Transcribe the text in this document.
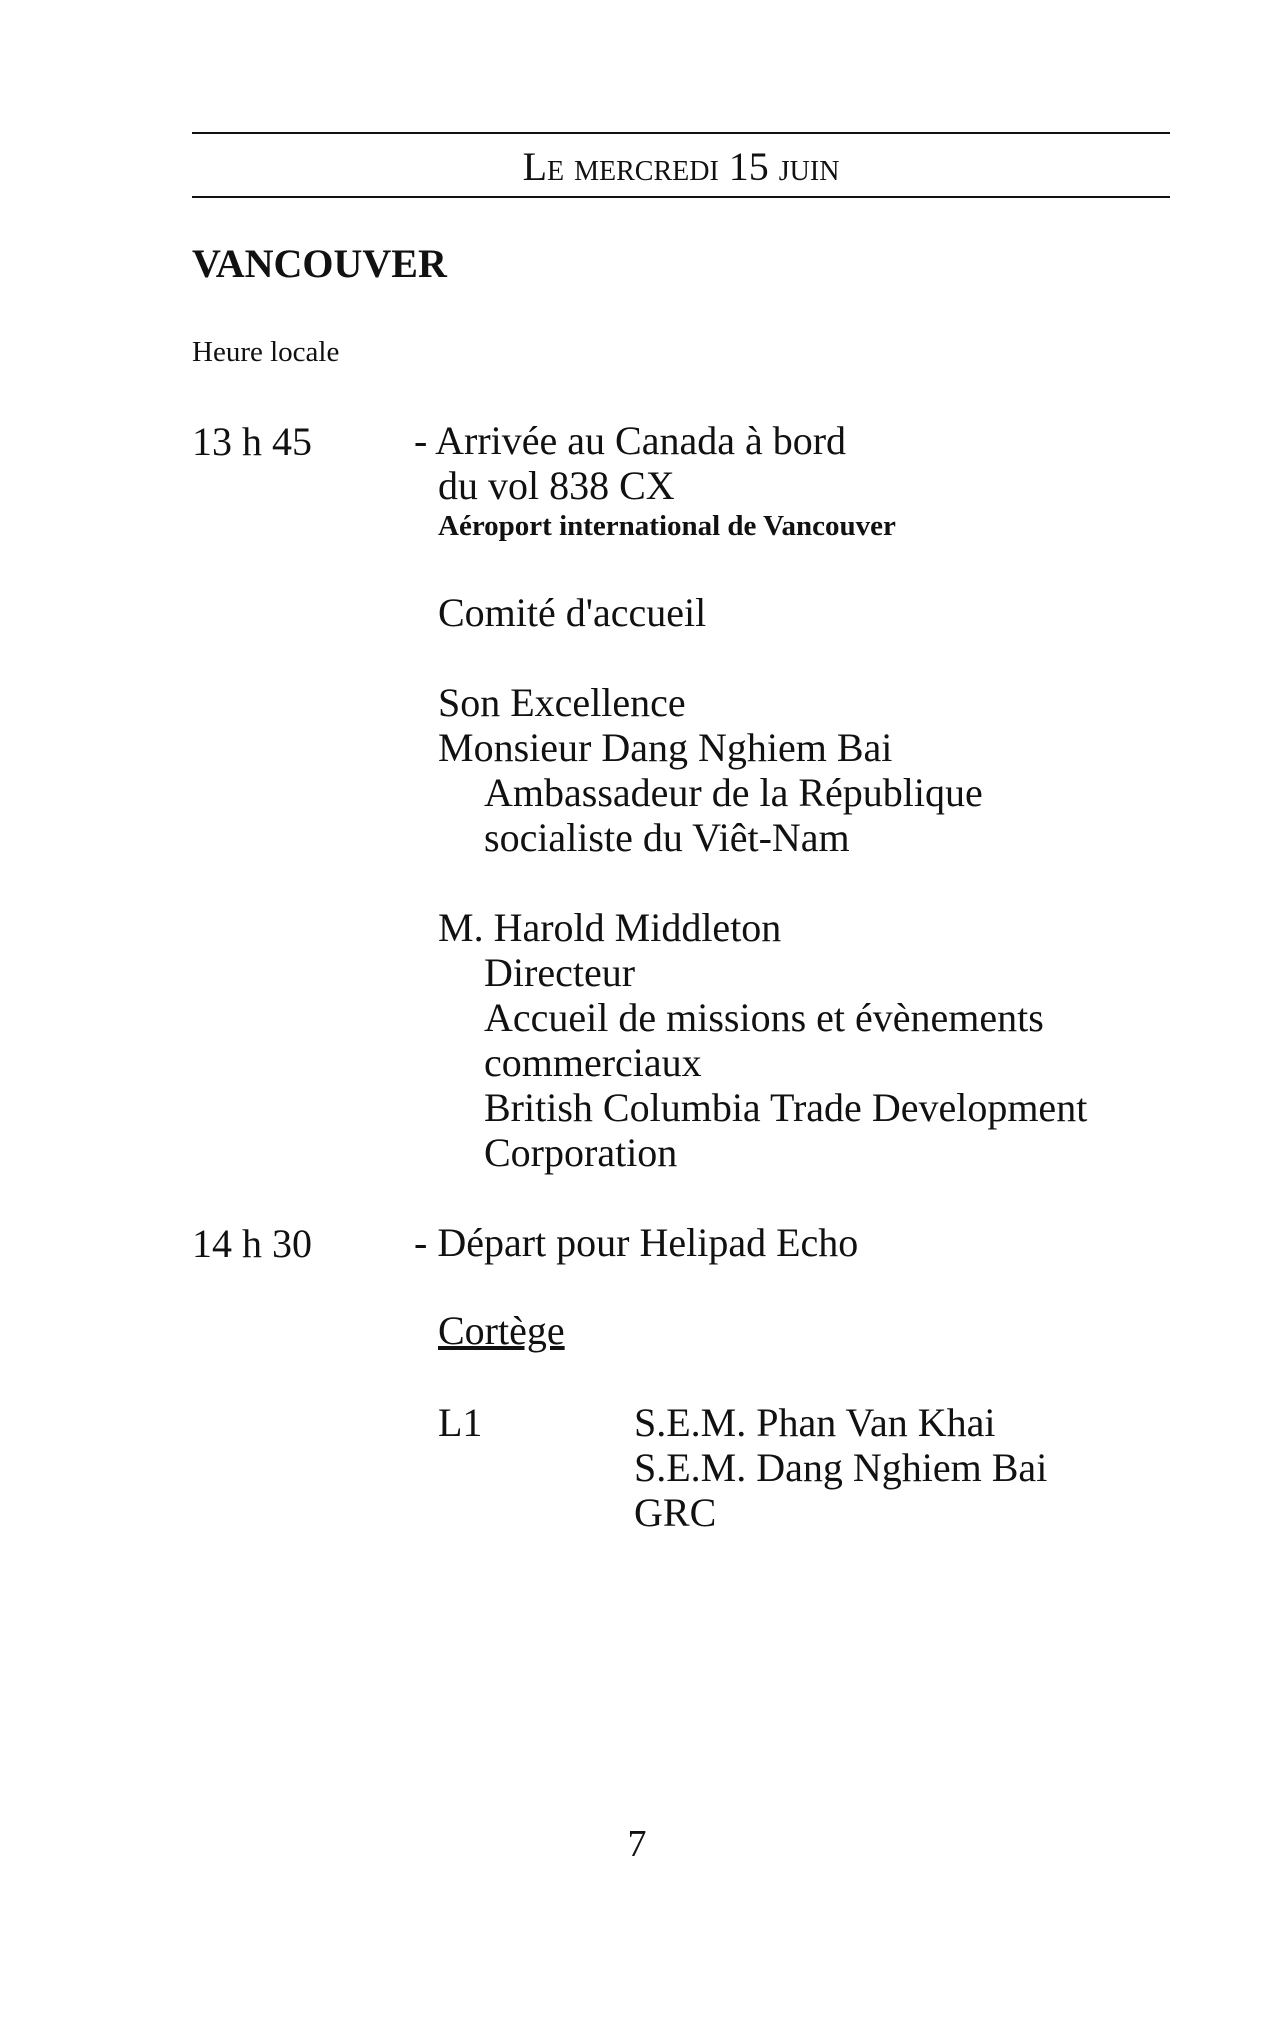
Le mercredi 15 juin
VANCOUVER
Heure locale
13 h 45	- Arrivée au Canada à bord
du vol 838 CX
Aéroport international de Vancouver
Comité d'accueil
Son Excellence
Monsieur Dang Nghiem Bai
Ambassadeur de la République
socialiste du Viêt-Nam
M. Harold Middleton
Directeur
Accueil de missions et évènements
commerciaux
British Columbia Trade Development
Corporation
14 h 30	- Départ pour Helipad Echo
Cortège
L1	S.E.M. Phan Van Khai
S.E.M. Dang Nghiem Bai
GRC
7
